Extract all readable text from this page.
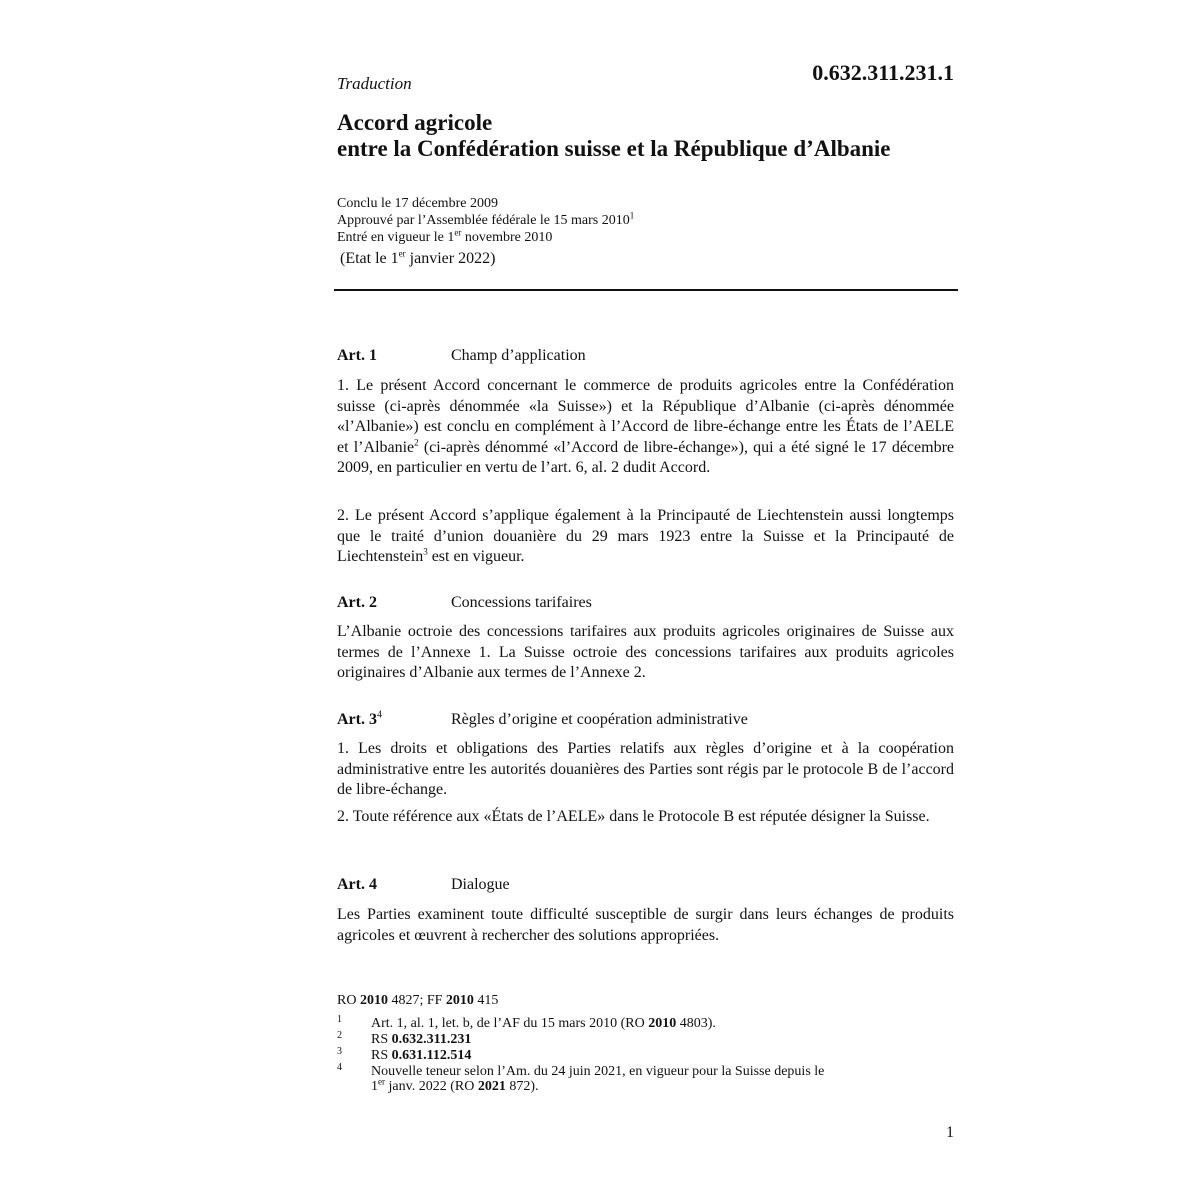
Traduction	0.632.311.231.1
Accord agricole
entre la Confédération suisse et la République d’Albanie
Conclu le 17 décembre 2009
Approuvé par l’Assemblée fédérale le 15 mars 2010$^1$
Entré en vigueur le 1er novembre 2010
(Etat le 1er janvier 2022)
Art. 1	Champ d’application
1. Le présent Accord concernant le commerce de produits agricoles entre la Confédération suisse (ci-après dénommée «la Suisse») et la République d’Albanie (ci-après dénommée «l’Albanie») est conclu en complément à l’Accord de libre-échange entre les États de l’AELE et l’Albanie$^2$ (ci-après dénommé «l’Accord de libre-échange»), qui a été signé le 17 décembre 2009, en particulier en vertu de l’art. 6, al. 2 dudit Accord.
2. Le présent Accord s’applique également à la Principauté de Liechtenstein aussi longtemps que le traité d’union douanière du 29 mars 1923 entre la Suisse et la Principauté de Liechtenstein$^3$ est en vigueur.
Art. 2	Concessions tarifaires
L’Albanie octroie des concessions tarifaires aux produits agricoles originaires de Suisse aux termes de l’Annexe 1. La Suisse octroie des concessions tarifaires aux produits agricoles originaires d’Albanie aux termes de l’Annexe 2.
Art. $3^4$	Règles d’origine et coopération administrative
1. Les droits et obligations des Parties relatifs aux règles d’origine et à la coopération administrative entre les autorités douanières des Parties sont régis par le protocole B de l’accord de libre-échange.
2. Toute référence aux «États de l’AELE» dans le Protocole B est réputée désigner la Suisse.
Art. 4	Dialogue
Les Parties examinent toute difficulté susceptible de surgir dans leurs échanges de produits agricoles et œuvrent à rechercher des solutions appropriées.
RO 2010 4827; FF 2010 415
1 Art. 1, al. 1, let. b, de l’AF du 15 mars 2010 (RO 2010 4803).
2 RS 0.632.311.231
3 RS 0.631.112.514
4 Nouvelle teneur selon l’Am. du 24 juin 2021, en vigueur pour la Suisse depuis le
1er janv. 2022 (RO 2021 872).
1
